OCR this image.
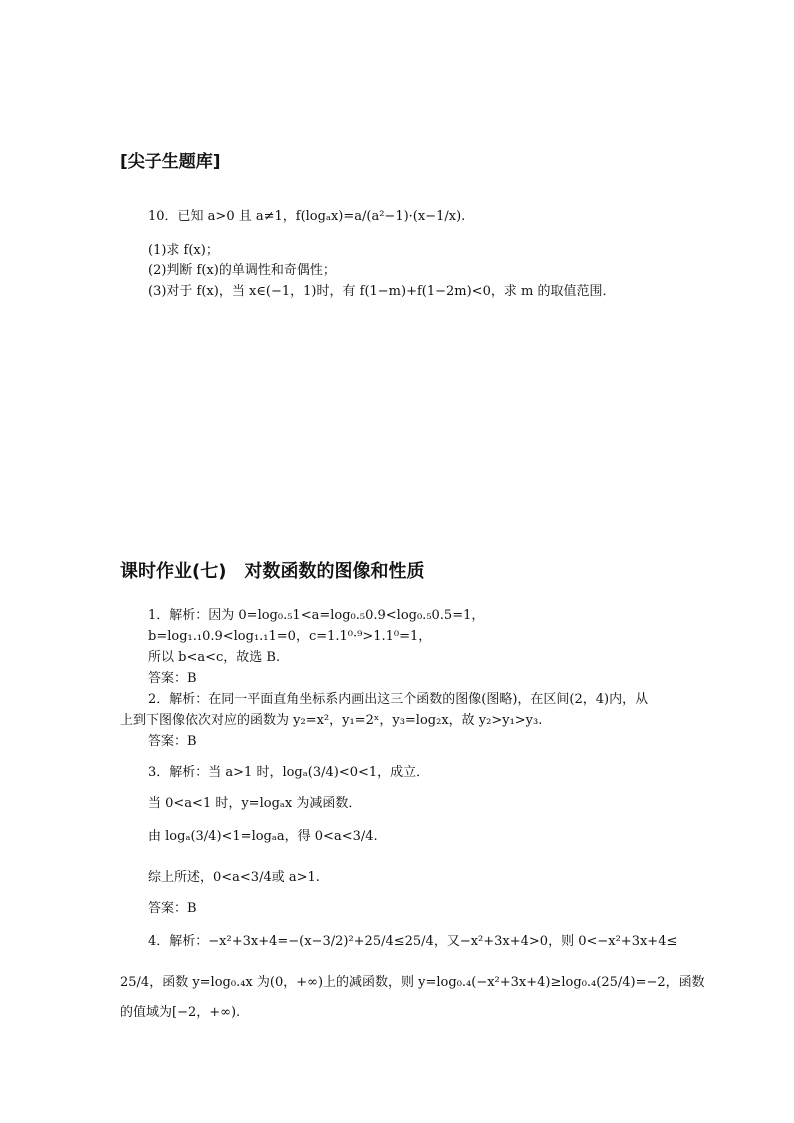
[尖子生题库]
10．已知 a>0 且 a≠1，f(logₐx)=a/(a²−1)·(x−1/x).
(1)求 f(x)；
(2)判断 f(x)的单调性和奇偶性；
(3)对于 f(x)，当 x∈(−1，1)时，有 f(1−m)+f(1−2m)<0，求 m 的取值范围．
课时作业(七)　对数函数的图像和性质
1．解析：因为 0=log₀.₅1<a=log₀.₅0.9<log₀.₅0.5=1，
b=log₁.₁0.9<log₁.₁1=0，c=1.1⁰·⁹>1.1⁰=1，
所以 b<a<c，故选 B.
答案：B
2．解析：在同一平面直角坐标系内画出这三个函数的图像(图略)，在区间(2，4)内，从
上到下图像依次对应的函数为 y₂=x²，y₁=2ˣ，y₃=log₂x，故 y₂>y₁>y₃.
答案：B
3．解析：当 a>1 时，logₐ(3/4)<0<1，成立．
当 0<a<1 时，y=logₐx 为减函数．
由 logₐ(3/4)<1=logₐa，得 0<a<3/4.
综上所述，0<a<3/4或 a>1.
答案：B
4．解析：−x²+3x+4=−(x−3/2)²+25/4≤25/4，又−x²+3x+4>0，则 0<−x²+3x+4≤
25/4，函数 y=log₀.₄x 为(0，+∞)上的减函数，则 y=log₀.₄(−x²+3x+4)≥log₀.₄(25/4)=−2，函数
的值域为[−2，+∞).
